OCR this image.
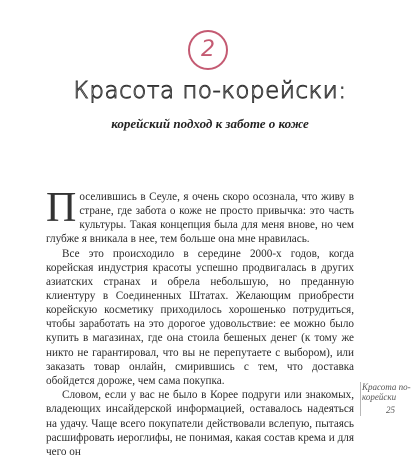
2
Красота по-корейски:
корейский подход к заботе о коже

Поселившись в Сеуле, я очень скоро осознала, что живу в стране, где забота о коже не просто привычка: это часть культуры. Такая концепция была для меня внове, но чем глубже я вникала в нее, тем больше она мне нравилась.

Все это происходило в середине 2000-х годов, когда корейская индустрия красоты успешно продвигалась в других азиатских странах и обрела небольшую, но преданную клиентуру в Соединенных Штатах. Желающим приобрести корейскую косметику приходилось хорошенько потрудиться, чтобы заработать на это дорогое удовольствие: ее можно было купить в магазинах, где она стоила бешеных денег (к тому же никто не гарантировал, что вы не перепутаете с выбором), или заказать товар онлайн, смирившись с тем, что доставка обойдется дороже, чем сама покупка.

Словом, если у вас не было в Корее подруги или знакомых, владеющих инсайдерской информацией, оставалось надеяться на удачу. Чаще всего покупатели действовали вслепую, пытаясь расшифровать иероглифы, не понимая, какая состав крема и для чего он

Красота по-корейски
25
